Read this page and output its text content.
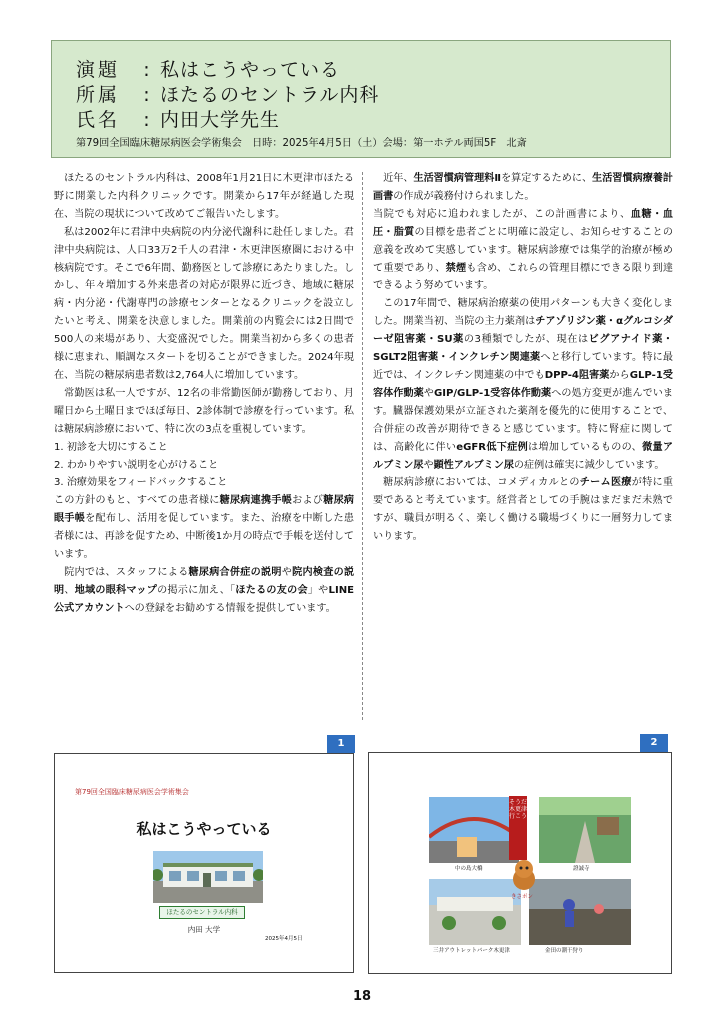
演題 : 私はこうやっている
所属 : ほたるのセントラル内科
氏名 : 内田大学先生
第79回全国臨床糖尿病医会学術集会　日時：2025年4月5日（土）会場：第一ホテル両国5F　北斎

ほたるのセントラル内科は、2008年1月21日に木更津市ほたる野に開業した内科クリニックです。開業から17年が経過した現在、当院の現状について改めてご報告いたします。

私は2002年に君津中央病院の内分泌代謝科に赴任しました。君津中央病院は、人口33万2千人の君津・木更津医療圏における中核病院です。そこで6年間、勤務医として診療にあたりました。しかし、年々増加する外来患者の対応が限界に近づき、地域に糖尿病・内分泌・代謝専門の診療センターとなるクリニックを設立したいと考え、開業を決意しました。開業前の内覧会には2日間で500人の来場があり、大変盛況でした。開業当初から多くの患者様に恵まれ、順調なスタートを切ることができました。2024年現在、当院の糖尿病患者数は2,764人に増加しています。

常勤医は私一人ですが、12名の非常勤医師が勤務しており、月曜日から土曜日までほぼ毎日、2診体制で診療を行っています。私は糖尿病診療において、特に次の3点を重視しています。

1. 初診を大切にすること

2. わかりやすい説明を心がけること

3. 治療効果をフィードバックすること

この方針のもと、すべての患者様に糖尿病連携手帳および糖尿病眼手帳を配布し、活用を促しています。また、治療を中断した患者様には、再診を促すため、中断後1か月の時点で手帳を送付しています。

院内では、スタッフによる糖尿病合併症の説明や院内検査の説明、地域の眼科マップの掲示に加え、「ほたるの友の会」やLINE公式アカウントへの登録をお勧めする情報を提供しています。

近年、生活習慣病管理料Ⅱを算定するために、生活習慣病療養計画書の作成が義務付けられました。

当院でも対応に追われましたが、この計画書により、血糖・血圧・脂質の目標を患者ごとに明確に設定し、お知らせすることの意義を改めて実感しています。糖尿病診療では集学的治療が極めて重要であり、禁煙も含め、これらの管理目標にできる限り到達できるよう努めています。

この17年間で、糖尿病治療薬の使用パターンも大きく変化しました。開業当初、当院の主力薬剤はチアゾリジン薬・αグルコシダーゼ阻害薬・SU薬の3種類でしたが、現在はビグアナイド薬・SGLT2阻害薬・インクレチン関連薬へと移行しています。特に最近では、インクレチン関連薬の中でもDPP-4阻害薬からGLP-1受容体作動薬やGIP/GLP-1受容体作動薬への処方変更が進んでいます。臓器保護効果が立証された薬剤を優先的に使用することで、合併症の改善が期待できると感じています。特に腎症に関しては、高齢化に伴いeGFR低下症例は増加しているものの、微量アルブミン尿や顕性アルブミン尿の症例は確実に減少しています。

糖尿病診療においては、コメディカルとのチーム医療が特に重要であると考えています。経営者としての手腕はまだまだ未熟ですが、職員が明るく、楽しく働ける職場づくりに一層努力してまいります。

1
第79回全国臨床糖尿病医会学術集会
私はこうやっている
ほたるのセントラル内科
内田 大学
2025年4月5日
2
そうだ木更津行こう
中の島大橋	證誠寺
きさポン
三井アウトレットパーク木更津	金田の潮干狩り
18
